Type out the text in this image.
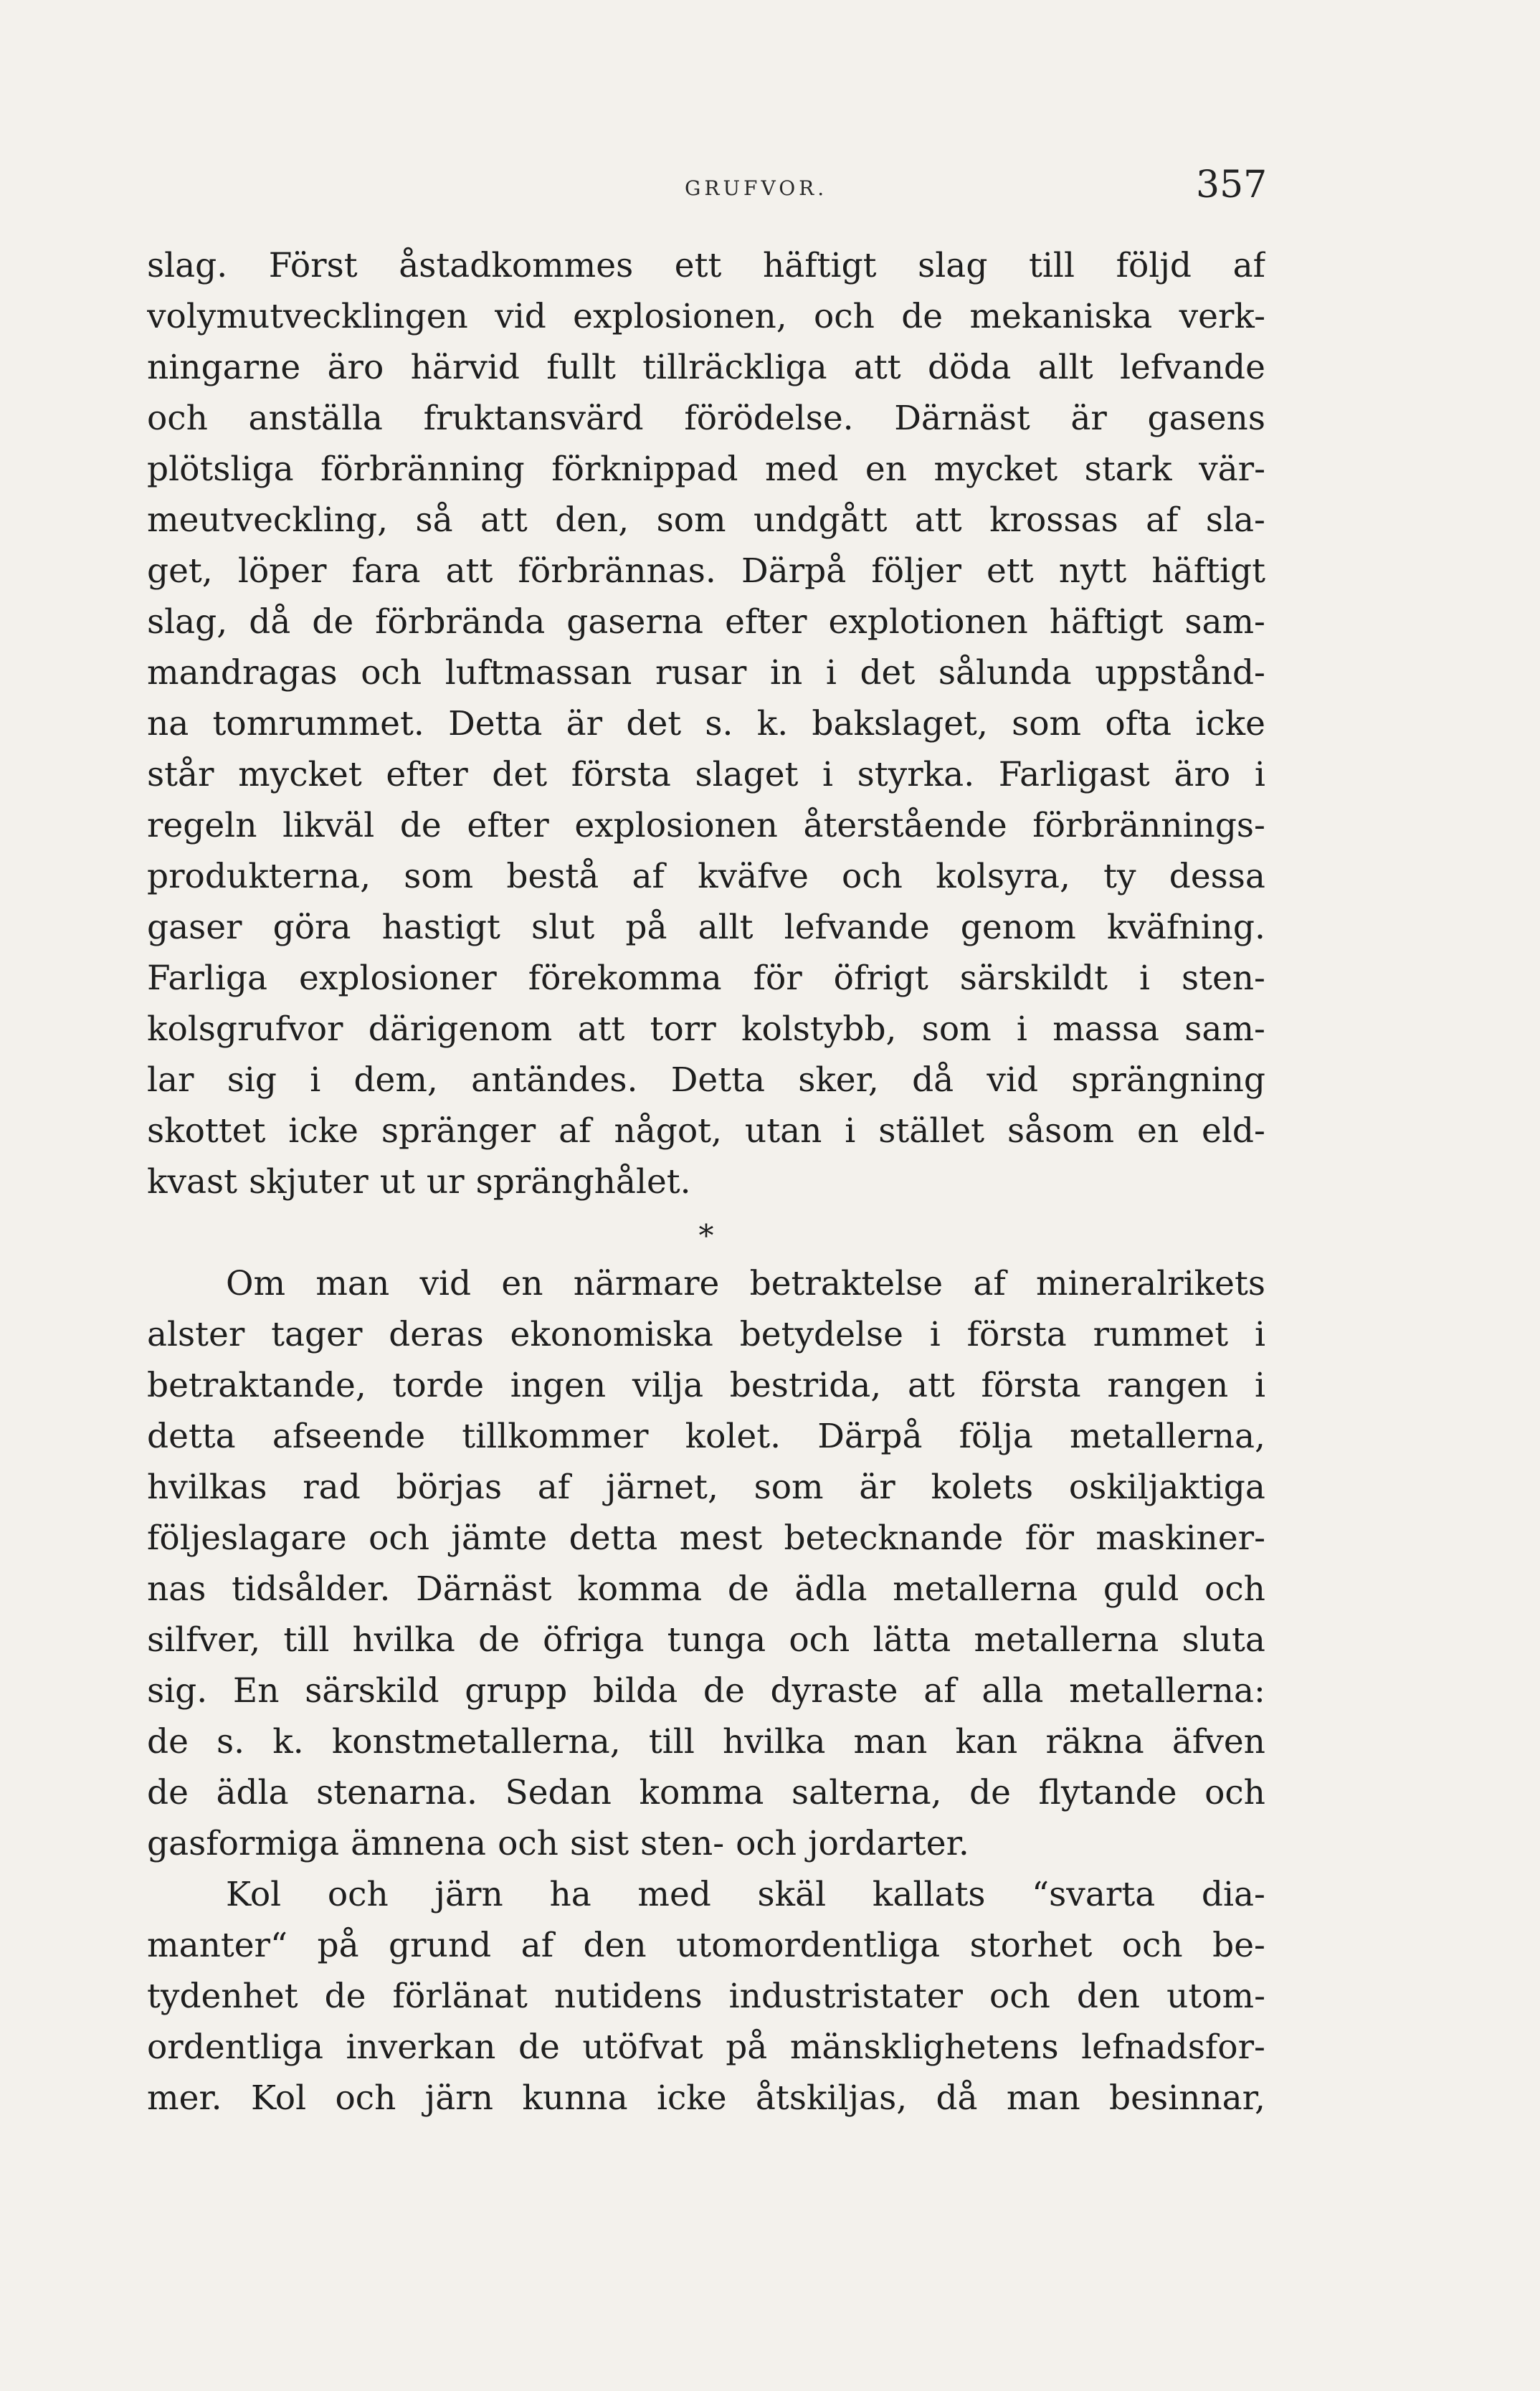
GRUFVOR.	357
slag. Först åstadkommes ett häftigt slag till följd af
volymutvecklingen vid explosionen, och de mekaniska verk-
ningarne äro härvid fullt tillräckliga att döda allt lefvande
och anställa fruktansvärd förödelse. Därnäst är gasens
plötsliga förbränning förknippad med en mycket stark vär-
meutveckling, så att den, som undgått att krossas af sla-
get, löper fara att förbrännas. Därpå följer ett nytt häftigt
slag, då de förbrända gaserna efter explotionen häftigt sam-
mandragas och luftmassan rusar in i det sålunda uppstånd-
na tomrummet. Detta är det s. k. bakslaget, som ofta icke
står mycket efter det första slaget i styrka. Farligast äro i
regeln likväl de efter explosionen återstående förbrännings-
produkterna, som bestå af kväfve och kolsyra, ty dessa
gaser göra hastigt slut på allt lefvande genom kväfning.
Farliga explosioner förekomma för öfrigt särskildt i sten-
kolsgrufvor därigenom att torr kolstybb, som i massa sam-
lar sig i dem, antändes. Detta sker, då vid sprängning
skottet icke spränger af något, utan i stället såsom en eld-
kvast skjuter ut ur spränghålet.
*
Om man vid en närmare betraktelse af mineralrikets
alster tager deras ekonomiska betydelse i första rummet i
betraktande, torde ingen vilja bestrida, att första rangen i
detta afseende tillkommer kolet. Därpå följa metallerna,
hvilkas rad börjas af järnet, som är kolets oskiljaktiga
följeslagare och jämte detta mest betecknande för maskiner-
nas tidsålder. Därnäst komma de ädla metallerna guld och
silfver, till hvilka de öfriga tunga och lätta metallerna sluta
sig. En särskild grupp bilda de dyraste af alla metallerna:
de s. k. konstmetallerna, till hvilka man kan räkna äfven
de ädla stenarna. Sedan komma salterna, de flytande och
gasformiga ämnena och sist sten- och jordarter.
Kol och järn ha med skäl kallats “svarta dia-
manter“ på grund af den utomordentliga storhet och be-
tydenhet de förlänat nutidens industristater och den utom-
ordentliga inverkan de utöfvat på mänsklighetens lefnadsfor-
mer. Kol och järn kunna icke åtskiljas, då man besinnar,
